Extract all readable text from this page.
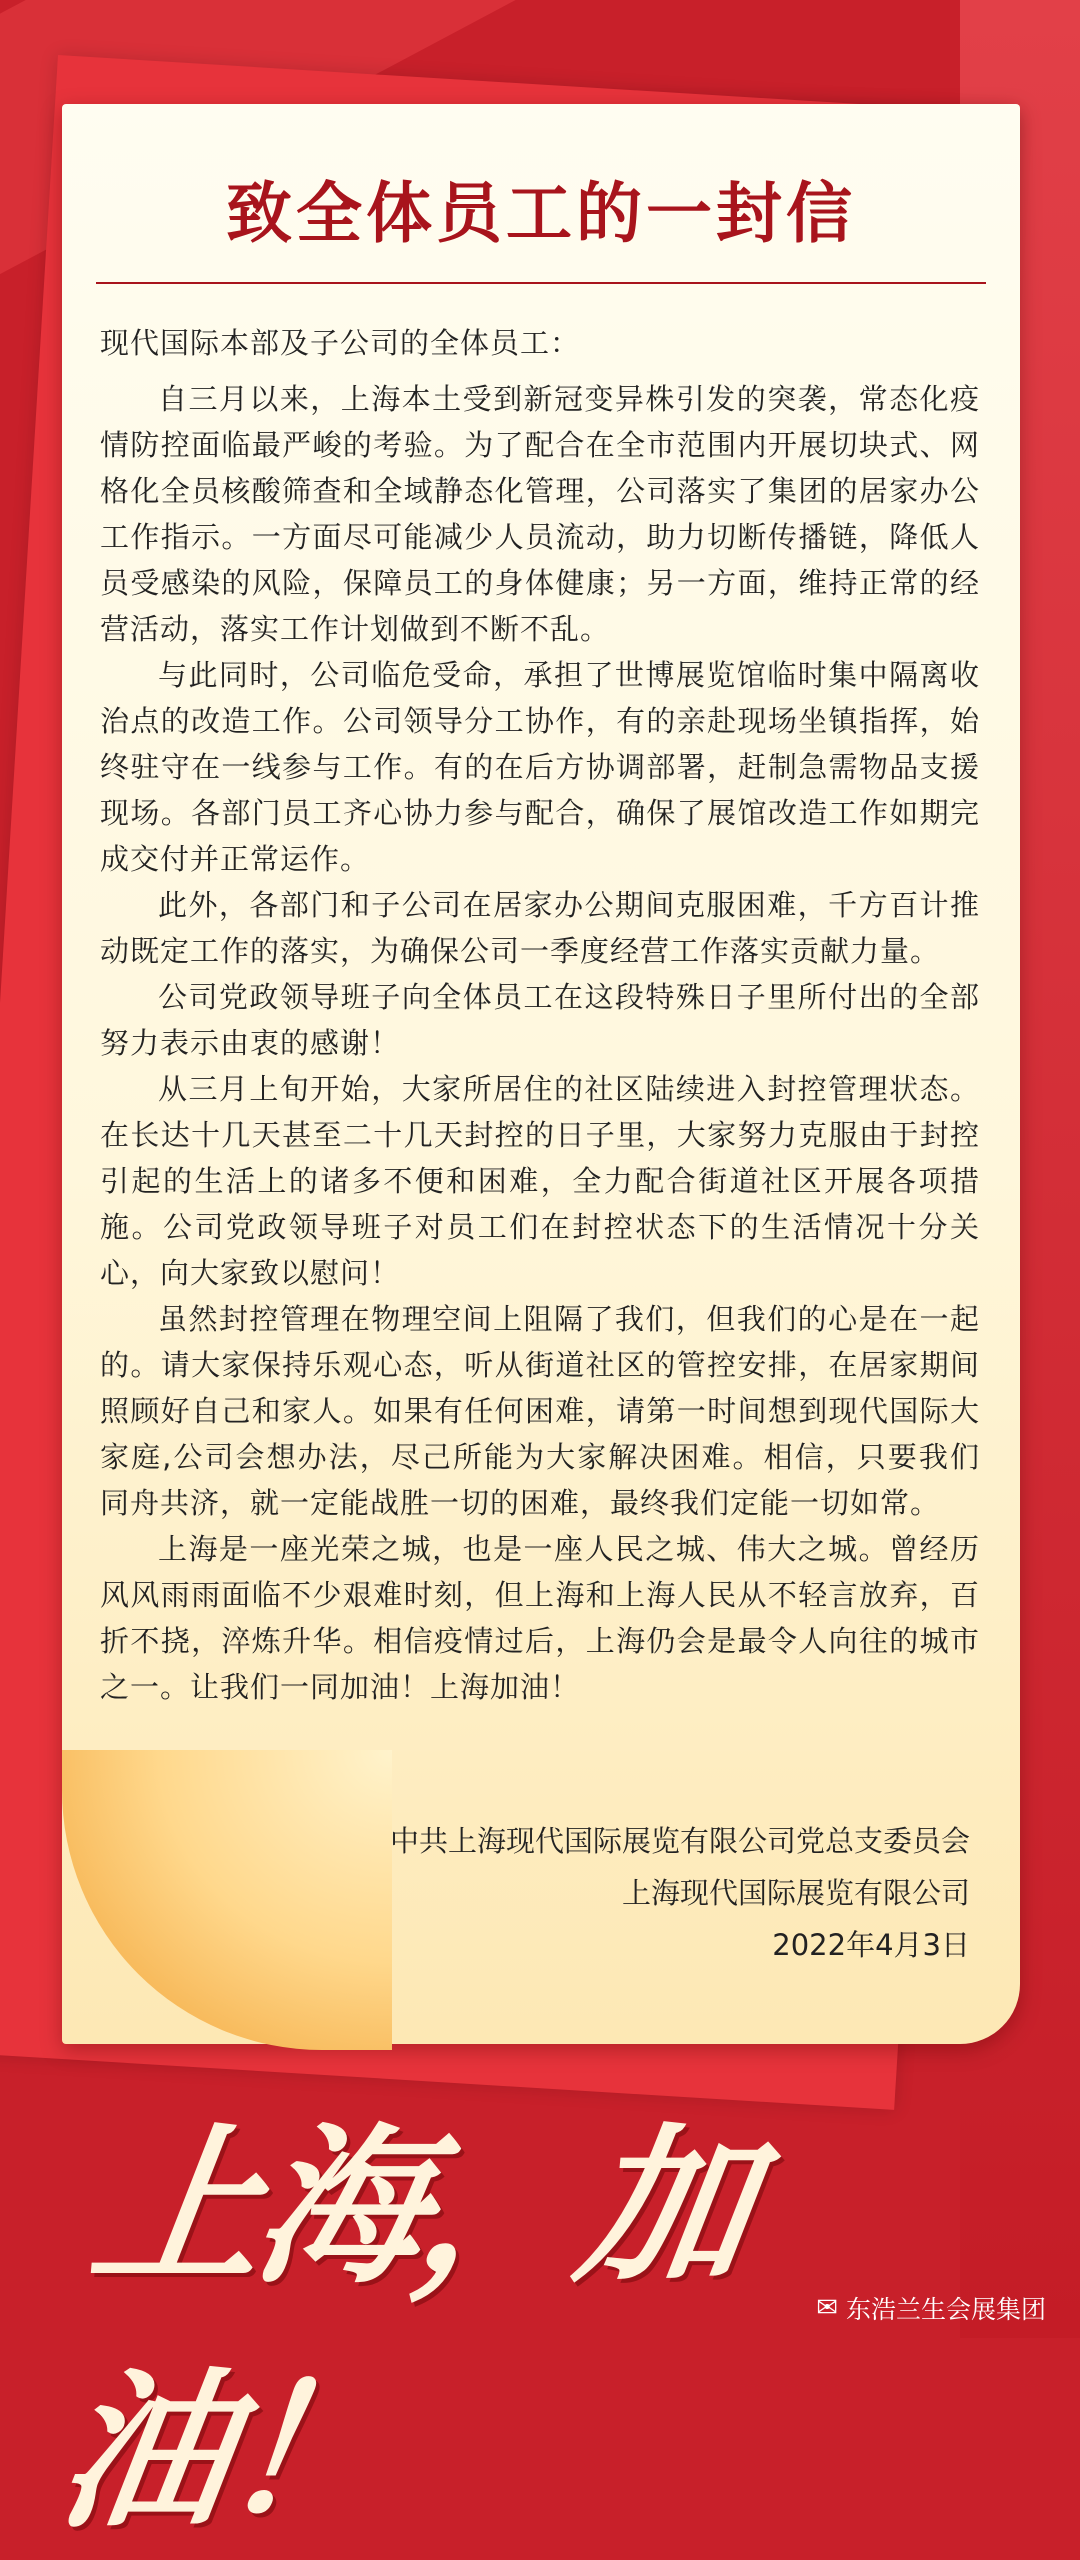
致全体员工的一封信

现代国际本部及子公司的全体员工：

自三月以来，上海本土受到新冠变异株引发的突袭，常态化疫情防控面临最严峻的考验。为了配合在全市范围内开展切块式、网格化全员核酸筛查和全域静态化管理，公司落实了集团的居家办公工作指示。一方面尽可能减少人员流动，助力切断传播链，降低人员受感染的风险，保障员工的身体健康；另一方面，维持正常的经营活动，落实工作计划做到不断不乱。

与此同时，公司临危受命，承担了世博展览馆临时集中隔离收治点的改造工作。公司领导分工协作，有的亲赴现场坐镇指挥，始终驻守在一线参与工作。有的在后方协调部署，赶制急需物品支援现场。各部门员工齐心协力参与配合，确保了展馆改造工作如期完成交付并正常运作。

此外，各部门和子公司在居家办公期间克服困难，千方百计推动既定工作的落实，为确保公司一季度经营工作落实贡献力量。

公司党政领导班子向全体员工在这段特殊日子里所付出的全部努力表示由衷的感谢！

从三月上旬开始，大家所居住的社区陆续进入封控管理状态。在长达十几天甚至二十几天封控的日子里，大家努力克服由于封控引起的生活上的诸多不便和困难，全力配合街道社区开展各项措施。公司党政领导班子对员工们在封控状态下的生活情况十分关心，向大家致以慰问！

虽然封控管理在物理空间上阻隔了我们，但我们的心是在一起的。请大家保持乐观心态，听从街道社区的管控安排，在居家期间照顾好自己和家人。如果有任何困难，请第一时间想到现代国际大家庭,公司会想办法，尽己所能为大家解决困难。相信，只要我们同舟共济，就一定能战胜一切的困难，最终我们定能一切如常。

上海是一座光荣之城，也是一座人民之城、伟大之城。曾经历风风雨雨面临不少艰难时刻，但上海和上海人民从不轻言放弃，百折不挠，淬炼升华。相信疫情过后，上海仍会是最令人向往的城市之一。让我们一同加油！上海加油！

中共上海现代国际展览有限公司党总支委员会
上海现代国际展览有限公司
2022年4月3日
上海，加油！
✉ 东浩兰生会展集团
